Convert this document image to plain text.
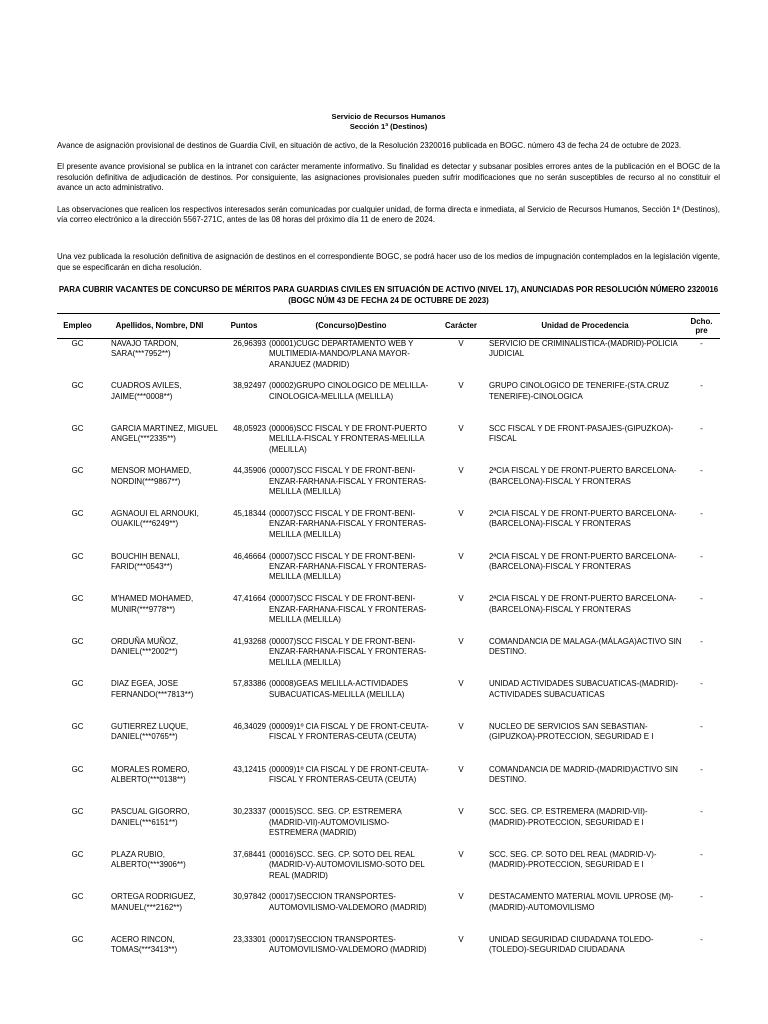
Servicio de Recursos Humanos
Sección 1ª (Destinos)

Avance de asignación provisional de destinos de Guardia Civil, en situación de activo, de la Resolución 2320016 publicada en BOGC. número 43 de fecha 24 de octubre de 2023.

El presente avance provisional se publica en la intranet con carácter meramente informativo. Su finalidad es detectar y subsanar posibles errores antes de la publicación en el BOGC de la resolución definitiva de adjudicación de destinos. Por consiguiente, las asignaciones provisionales pueden sufrir modificaciones que no serán susceptibles de recurso al no constituir el avance un acto administrativo.

Las observaciones que realicen los respectivos interesados serán comunicadas por cualquier unidad, de forma directa e inmediata, al Servicio de Recursos Humanos, Sección 1ª (Destinos), vía correo electrónico a la dirección 5567-271C, antes de las 08 horas del próximo día 11 de enero de 2024.

Una vez publicada la resolución definitiva de asignación de destinos en el correspondiente BOGC, se podrá hacer uso de los medios de impugnación contemplados en la legislación vigente, que se especificarán en dicha resolución.

PARA CUBRIR VACANTES DE CONCURSO DE MÉRITOS PARA GUARDIAS CIVILES EN SITUACIÓN DE ACTIVO (NIVEL 17), ANUNCIADAS POR RESOLUCIÓN NÚMERO 2320016 (BOGC NÚM 43 DE FECHA 24 DE OCTUBRE DE 2023)
Empleo	Apellidos, Nombre, DNI	Puntos	(Concurso)Destino	Carácter	Unidad de Procedencia	Dcho. pre
GC	NAVAJO TARDON, SARA(***7952**)	26,96393	(00001)CUGC DEPARTAMENTO WEB Y MULTIMEDIA-MANDO/PLANA MAYOR-ARANJUEZ (MADRID)	V	SERVICIO DE CRIMINALISTICA-(MADRID)-POLICIA JUDICIAL	-
GC	CUADROS AVILES, JAIME(***0008**)	38,92497	(00002)GRUPO CINOLOGICO DE MELILLA-CINOLOGICA-MELILLA (MELILLA)	V	GRUPO CINOLOGICO DE TENERIFE-(STA.CRUZ TENERIFE)-CINOLOGICA	-
GC	GARCIA MARTINEZ, MIGUEL ANGEL(***2335**)	48,05923	(00006)SCC FISCAL Y DE FRONT-PUERTO MELILLA-FISCAL Y FRONTERAS-MELILLA (MELILLA)	V	SCC FISCAL Y DE FRONT-PASAJES-(GIPUZKOA)-FISCAL	-
GC	MENSOR MOHAMED, NORDIN(***9867**)	44,35906	(00007)SCC FISCAL Y DE FRONT-BENI-ENZAR-FARHANA-FISCAL Y FRONTERAS-MELILLA (MELILLA)	V	2ªCIA FISCAL Y DE FRONT-PUERTO BARCELONA-(BARCELONA)-FISCAL Y FRONTERAS	-
GC	AGNAOUI EL ARNOUKI, OUAKIL(***6249**)	45,18344	(00007)SCC FISCAL Y DE FRONT-BENI-ENZAR-FARHANA-FISCAL Y FRONTERAS-MELILLA (MELILLA)	V	2ªCIA FISCAL Y DE FRONT-PUERTO BARCELONA-(BARCELONA)-FISCAL Y FRONTERAS	-
GC	BOUCHIH BENALI, FARID(***0543**)	46,46664	(00007)SCC FISCAL Y DE FRONT-BENI-ENZAR-FARHANA-FISCAL Y FRONTERAS-MELILLA (MELILLA)	V	2ªCIA FISCAL Y DE FRONT-PUERTO BARCELONA-(BARCELONA)-FISCAL Y FRONTERAS	-
GC	M'HAMED MOHAMED, MUNIR(***9778**)	47,41664	(00007)SCC FISCAL Y DE FRONT-BENI-ENZAR-FARHANA-FISCAL Y FRONTERAS-MELILLA (MELILLA)	V	2ªCIA FISCAL Y DE FRONT-PUERTO BARCELONA-(BARCELONA)-FISCAL Y FRONTERAS	-
GC	ORDUÑA MUÑOZ, DANIEL(***2002**)	41,93268	(00007)SCC FISCAL Y DE FRONT-BENI-ENZAR-FARHANA-FISCAL Y FRONTERAS-MELILLA (MELILLA)	V	COMANDANCIA DE MALAGA-(MÁLAGA)ACTIVO SIN DESTINO.	-
GC	DIAZ EGEA, JOSE FERNANDO(***7813**)	57,83386	(00008)GEAS MELILLA-ACTIVIDADES SUBACUATICAS-MELILLA (MELILLA)	V	UNIDAD ACTIVIDADES SUBACUATICAS-(MADRID)-ACTIVIDADES SUBACUATICAS	-
GC	GUTIERREZ LUQUE, DANIEL(***0765**)	46,34029	(00009)1º CIA FISCAL Y DE FRONT-CEUTA-FISCAL Y FRONTERAS-CEUTA (CEUTA)	V	NUCLEO DE SERVICIOS SAN SEBASTIAN-(GIPUZKOA)-PROTECCION, SEGURIDAD E I	-
GC	MORALES ROMERO, ALBERTO(***0138**)	43,12415	(00009)1º CIA FISCAL Y DE FRONT-CEUTA-FISCAL Y FRONTERAS-CEUTA (CEUTA)	V	COMANDANCIA DE MADRID-(MADRID)ACTIVO SIN DESTINO.	-
GC	PASCUAL GIGORRO, DANIEL(***6151**)	30,23337	(00015)SCC. SEG. CP. ESTREMERA (MADRID-VII)-AUTOMOVILISMO-ESTREMERA (MADRID)	V	SCC. SEG. CP. ESTREMERA (MADRID-VII)-(MADRID)-PROTECCION, SEGURIDAD E I	-
GC	PLAZA RUBIO, ALBERTO(***3906**)	37,68441	(00016)SCC. SEG. CP. SOTO DEL REAL (MADRID-V)-AUTOMOVILISMO-SOTO DEL REAL (MADRID)	V	SCC. SEG. CP. SOTO DEL REAL (MADRID-V)-(MADRID)-PROTECCION, SEGURIDAD E I	-
GC	ORTEGA RODRIGUEZ, MANUEL(***2162**)	30,97842	(00017)SECCION TRANSPORTES-AUTOMOVILISMO-VALDEMORO (MADRID)	V	DESTACAMENTO MATERIAL MOVIL UPROSE (M)-(MADRID)-AUTOMOVILISMO	-
GC	ACERO RINCON, TOMAS(***3413**)	23,33301	(00017)SECCION TRANSPORTES-AUTOMOVILISMO-VALDEMORO (MADRID)	V	UNIDAD SEGURIDAD CIUDADANA TOLEDO-(TOLEDO)-SEGURIDAD CIUDADANA	-
